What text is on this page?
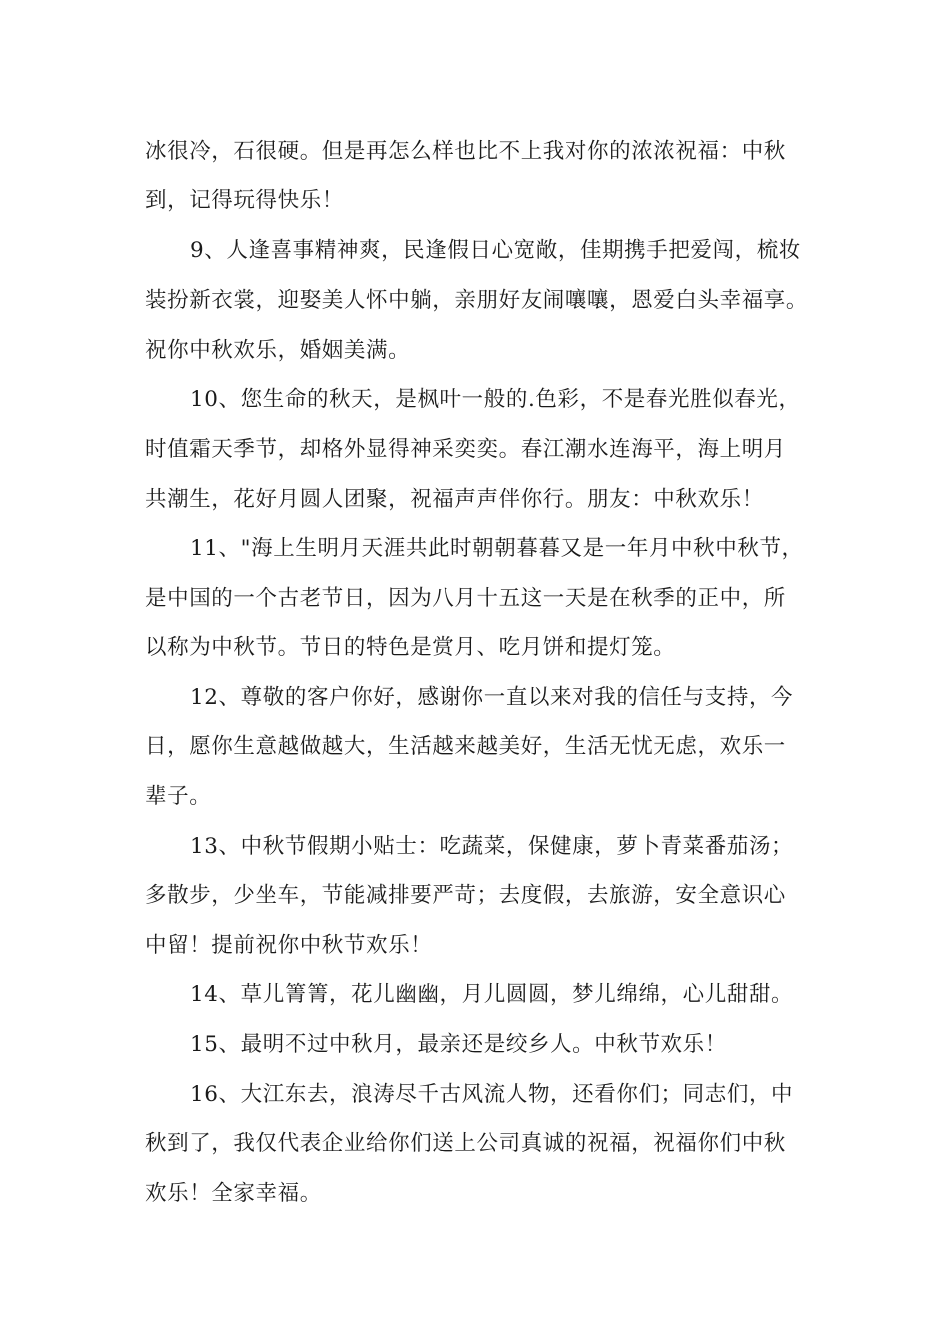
冰很冷，石很硬。但是再怎么样也比不上我对你的浓浓祝福：中秋
到，记得玩得快乐！
9、人逢喜事精神爽，民逢假日心宽敞，佳期携手把爱闯，梳妆
装扮新衣裳，迎娶美人怀中躺，亲朋好友闹嚷嚷，恩爱白头幸福享。
祝你中秋欢乐，婚姻美满。
10、您生命的秋天，是枫叶一般的.色彩，不是春光胜似春光，
时值霜天季节，却格外显得神采奕奕。春江潮水连海平，海上明月
共潮生，花好月圆人团聚，祝福声声伴你行。朋友：中秋欢乐！
11、"海上生明月天涯共此时朝朝暮暮又是一年月中秋中秋节，
是中国的一个古老节日，因为八月十五这一天是在秋季的正中，所
以称为中秋节。节日的特色是赏月、吃月饼和提灯笼。
12、尊敬的客户你好，感谢你一直以来对我的信任与支持，今
日，愿你生意越做越大，生活越来越美好，生活无忧无虑，欢乐一
辈子。
13、中秋节假期小贴士：吃蔬菜，保健康，萝卜青菜番茄汤；
多散步，少坐车，节能减排要严苛；去度假，去旅游，安全意识心
中留！提前祝你中秋节欢乐！
14、草儿箐箐，花儿幽幽，月儿圆圆，梦儿绵绵，心儿甜甜。
15、最明不过中秋月，最亲还是绞乡人。中秋节欢乐！
16、大江东去，浪涛尽千古风流人物，还看你们；同志们，中
秋到了，我仅代表企业给你们送上公司真诚的祝福，祝福你们中秋
欢乐！全家幸福。
